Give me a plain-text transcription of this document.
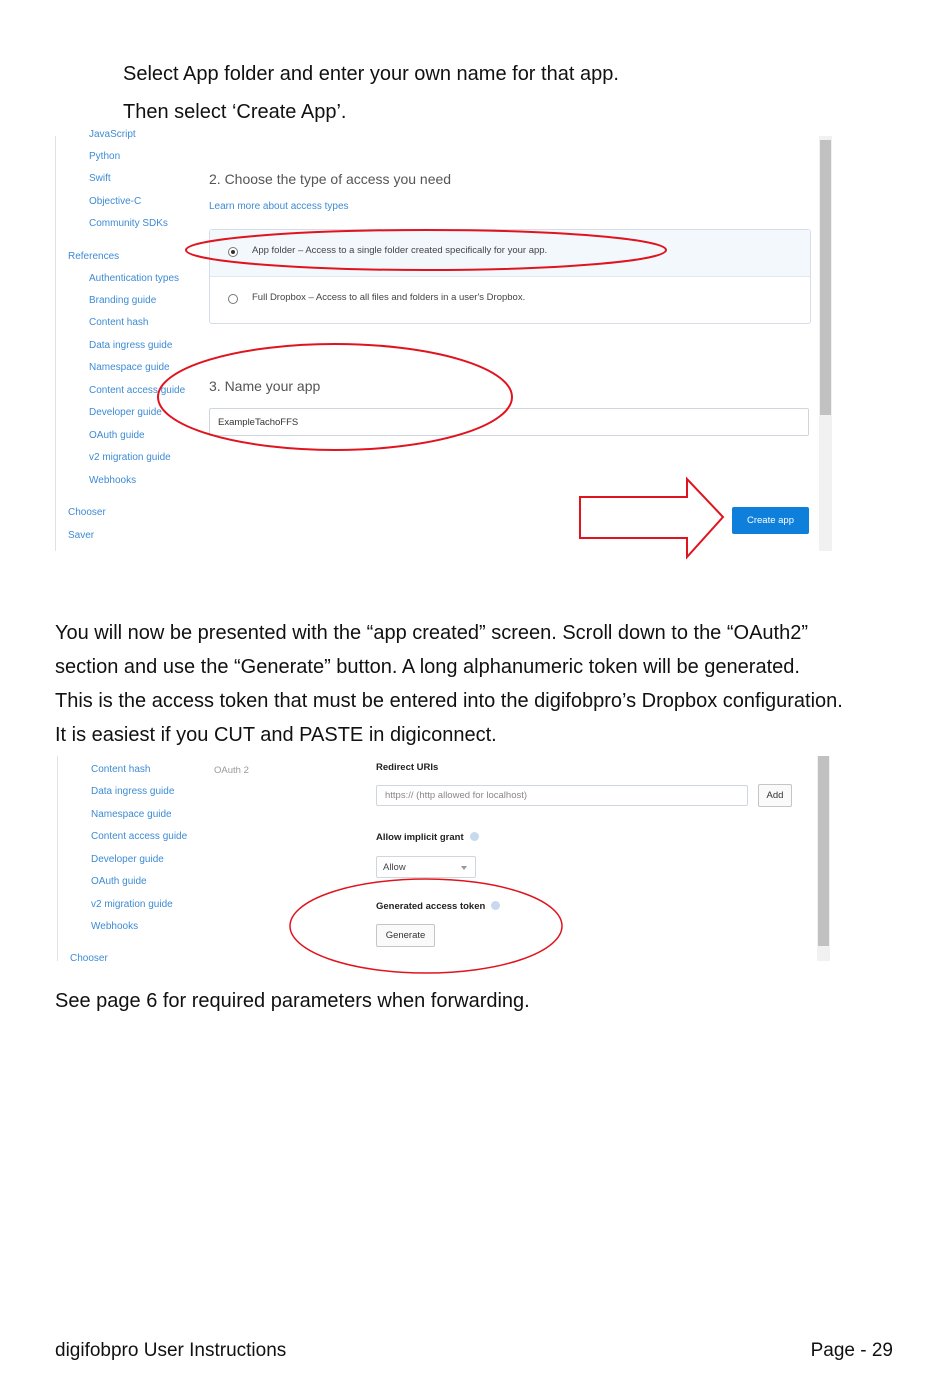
Select App folder and enter your own name for that app.

Then select ‘Create App’.

JavaScript
Python
Swift
Objective-C
Community SDKs
References
Authentication types
Branding guide
Content hash
Data ingress guide
Namespace guide
Content access guide
Developer guide
OAuth guide
v2 migration guide
Webhooks
Chooser
Saver
2. Choose the type of access you need
Learn more about access types
App folder – Access to a single folder created specifically for your app.
Full Dropbox – Access to all files and folders in a user's Dropbox.
3. Name your app
ExampleTachoFFS
Create app

You will now be presented with the “app created” screen. Scroll down to the “OAuth2”

section and use the “Generate” button. A long alphanumeric token will be generated.

This is the access token that must be entered into the digifobpro’s Dropbox configuration.

It is easiest if you CUT and PASTE in digiconnect.

Content hash
Data ingress guide
Namespace guide
Content access guide
Developer guide
OAuth guide
v2 migration guide
Webhooks
Chooser
OAuth 2	Redirect URIs
https:// (http allowed for localhost)	Add
Allow implicit grant
Allow
Generated access token
Generate
See page 6 for required parameters when forwarding.
digifobpro User Instructions	Page - 29
